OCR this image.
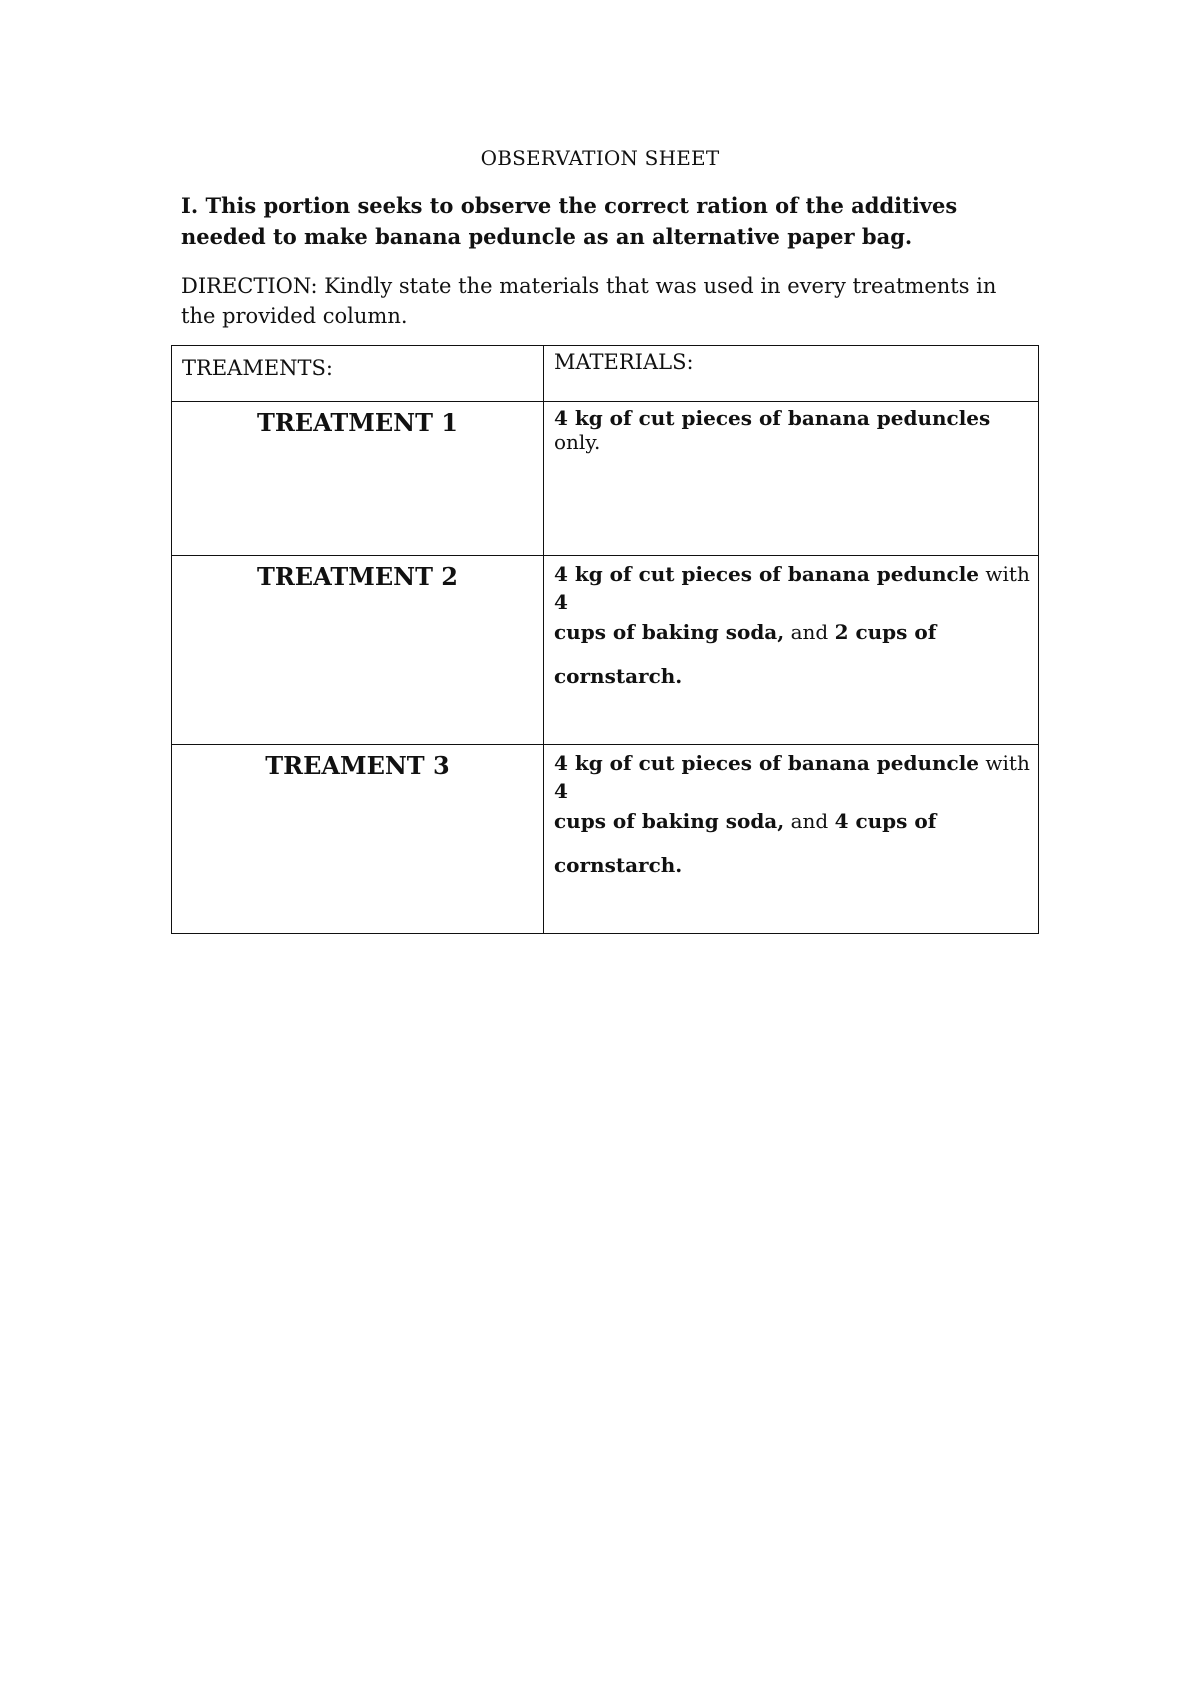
OBSERVATION SHEET
I. This portion seeks to observe the correct ration of the additives needed to make banana peduncle as an alternative paper bag.
DIRECTION: Kindly state the materials that was used in every treatments in the provided column.
TREAMENTS:	MATERIALS:
TREATMENT 1	4 kg of cut pieces of banana peduncles only.

TREATMENT 2	4 kg of cut pieces of banana peduncle with 4
cups of baking soda, and 2 cups of
cornstarch.

TREAMENT 3	4 kg of cut pieces of banana peduncle with 4
cups of baking soda, and 4 cups of
cornstarch.
